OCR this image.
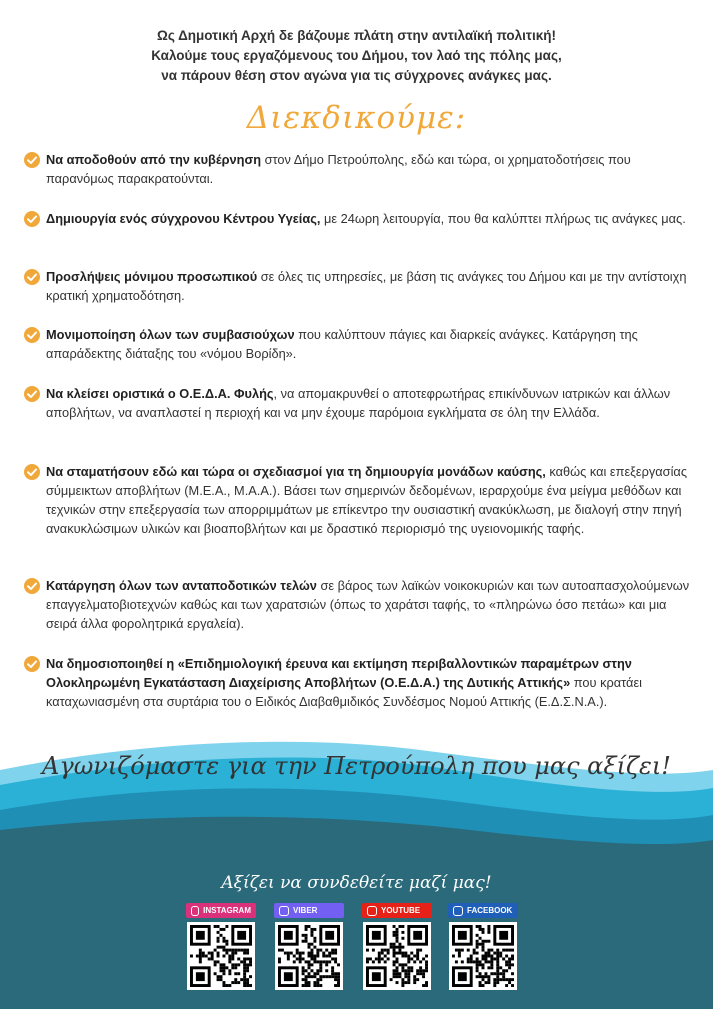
Ως Δημοτική Αρχή δε βάζουμε πλάτη στην αντιλαϊκή πολιτική!
Καλούμε τους εργαζόμενους του Δήμου, τον λαό της πόλης μας,
να πάρουν θέση στον αγώνα για τις σύγχρονες ανάγκες μας.
Διεκδικούμε:
Να αποδοθούν από την κυβέρνηση στον Δήμο Πετρούπολης, εδώ και τώρα, οι χρηματοδοτήσεις που παρανόμως παρακρατούνται.
Δημιουργία ενός σύγχρονου Κέντρου Υγείας, με 24ωρη λειτουργία, που θα καλύπτει πλήρως τις ανάγκες μας.
Προσλήψεις μόνιμου προσωπικού σε όλες τις υπηρεσίες, με βάση τις ανάγκες του Δήμου και με την αντίστοιχη κρατική χρηματοδότηση.
Μονιμοποίηση όλων των συμβασιούχων που καλύπτουν πάγιες και διαρκείς ανάγκες. Κατάργηση της απαράδεκτης διάταξης του «νόμου Βορίδη».
Να κλείσει οριστικά ο Ο.Ε.Δ.Α. Φυλής, να απομακρυνθεί ο αποτεφρωτήρας επικίνδυνων ιατρικών και άλλων αποβλήτων, να αναπλαστεί η περιοχή και να μην έχουμε παρόμοια εγκλήματα σε όλη την Ελλάδα.
Να σταματήσουν εδώ και τώρα οι σχεδιασμοί για τη δημιουργία μονάδων καύσης, καθώς και επεξεργασίας σύμμεικτων αποβλήτων (Μ.Ε.Α., Μ.Α.Α.). Βάσει των σημερινών δεδομένων, ιεραρχούμε ένα μείγμα μεθόδων και τεχνικών στην επεξεργασία των απορριμμάτων με επίκεντρο την ουσιαστική ανακύκλωση, με διαλογή στην πηγή ανακυκλώσιμων υλικών και βιοαποβλήτων και με δραστικό περιορισμό της υγειονομικής ταφής.
Κατάργηση όλων των ανταποδοτικών τελών σε βάρος των λαϊκών νοικοκυριών και των αυτοαπασχολούμενων επαγγελματοβιοτεχνών καθώς και των χαρατσιών (όπως το χαράτσι ταφής, το «πληρώνω όσο πετάω» και μια σειρά άλλα φορολητρικά εργαλεία).
Να δημοσιοποιηθεί η «Επιδημιολογική έρευνα και εκτίμηση περιβαλλοντικών παραμέτρων στην Ολοκληρωμένη Εγκατάσταση Διαχείρισης Αποβλήτων (Ο.Ε.Δ.Α.) της Δυτικής Αττικής» που κρατάει καταχωνιασμένη στα συρτάρια του ο Ειδικός Διαβαθμιδικός Συνδέσμος Νομού Αττικής (Ε.Δ.Σ.Ν.Α.).
Αγωνιζόμαστε για την Πετρούπολη που μας αξίζει!
Αξίζει να συνδεθείτε μαζί μας!
INSTAGRAM	VIBER	YOUTUBE	FACEBOOK
